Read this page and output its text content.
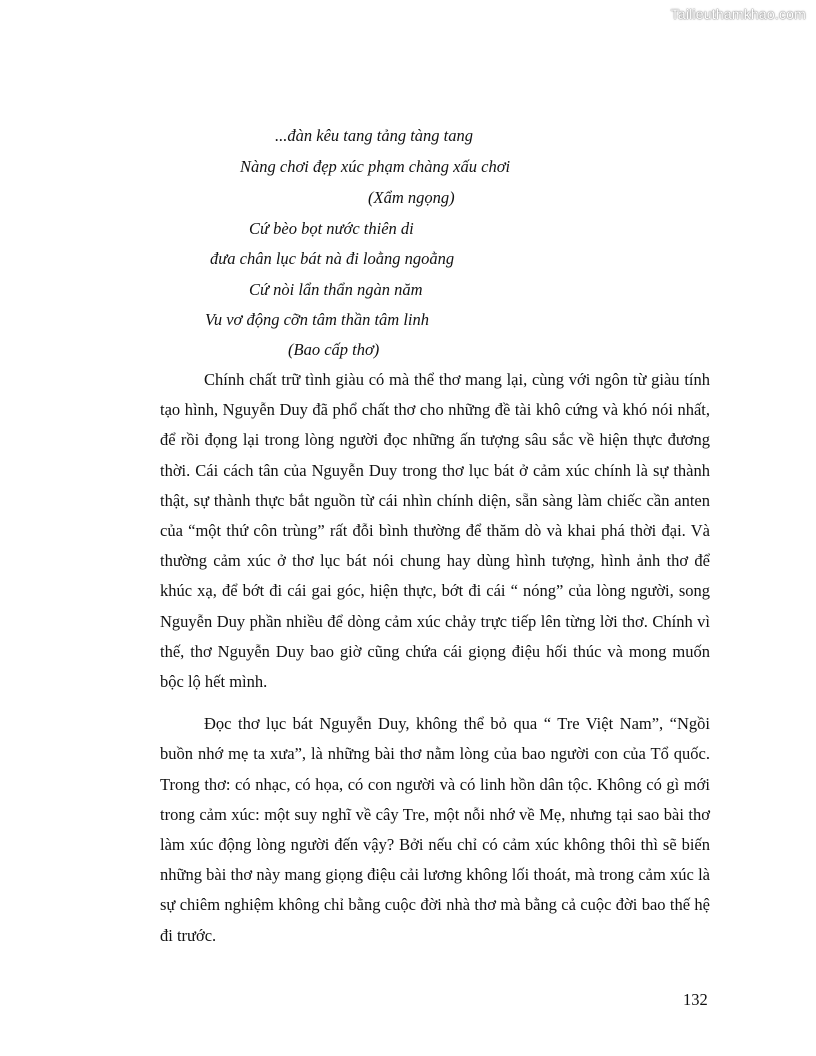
Tailieuthamkhao.com
...đàn kêu tang tảng tàng tang
Nàng chơi đẹp xúc phạm chàng xấu chơi
(Xẩm ngọng)
Cứ bèo bọt nước thiên di
đưa chân lục bát nà đi loằng ngoằng
Cứ nòi lẩn thẩn ngàn năm
Vu vơ động cỡn tâm thần tâm linh
(Bao cấp thơ)

Chính chất trữ tình giàu có mà thể thơ mang lại, cùng với ngôn từ giàu tính tạo hình, Nguyễn Duy đã phổ chất thơ cho những đề tài khô cứng và khó nói nhất, để rồi đọng lại trong lòng người đọc những ấn tượng sâu sắc về hiện thực đương thời. Cái cách tân của Nguyễn Duy trong thơ lục bát ở cảm xúc chính là sự thành thật, sự thành thực bắt nguồn từ cái nhìn chính diện, sẵn sàng làm chiếc cần anten của “một thứ côn trùng” rất đỗi bình thường để thăm dò và khai phá thời đại. Và thường cảm xúc ở thơ lục bát nói chung hay dùng hình tượng, hình ảnh thơ để khúc xạ, để bớt đi cái gai góc, hiện thực, bớt đi cái “ nóng” của lòng người, song Nguyễn Duy phần nhiều để dòng cảm xúc chảy trực tiếp lên từng lời thơ. Chính vì thế, thơ Nguyễn Duy bao giờ cũng chứa cái giọng điệu hối thúc và mong muốn bộc lộ hết mình.

Đọc thơ lục bát Nguyễn Duy, không thể bỏ qua “ Tre Việt Nam”, “Ngồi buồn nhớ mẹ ta xưa”, là những bài thơ nằm lòng của bao người con của Tổ quốc. Trong thơ: có nhạc, có họa, có con người và có linh hồn dân tộc. Không có gì mới trong cảm xúc: một suy nghĩ về cây Tre, một nỗi nhớ về Mẹ, nhưng tại sao bài thơ làm xúc động lòng người đến vậy? Bởi nếu chỉ có cảm xúc không thôi thì sẽ biến những bài thơ này mang giọng điệu cải lương không lối thoát, mà trong cảm xúc là sự chiêm nghiệm không chỉ bằng cuộc đời nhà thơ mà bằng cả cuộc đời bao thế hệ đi trước.

132
